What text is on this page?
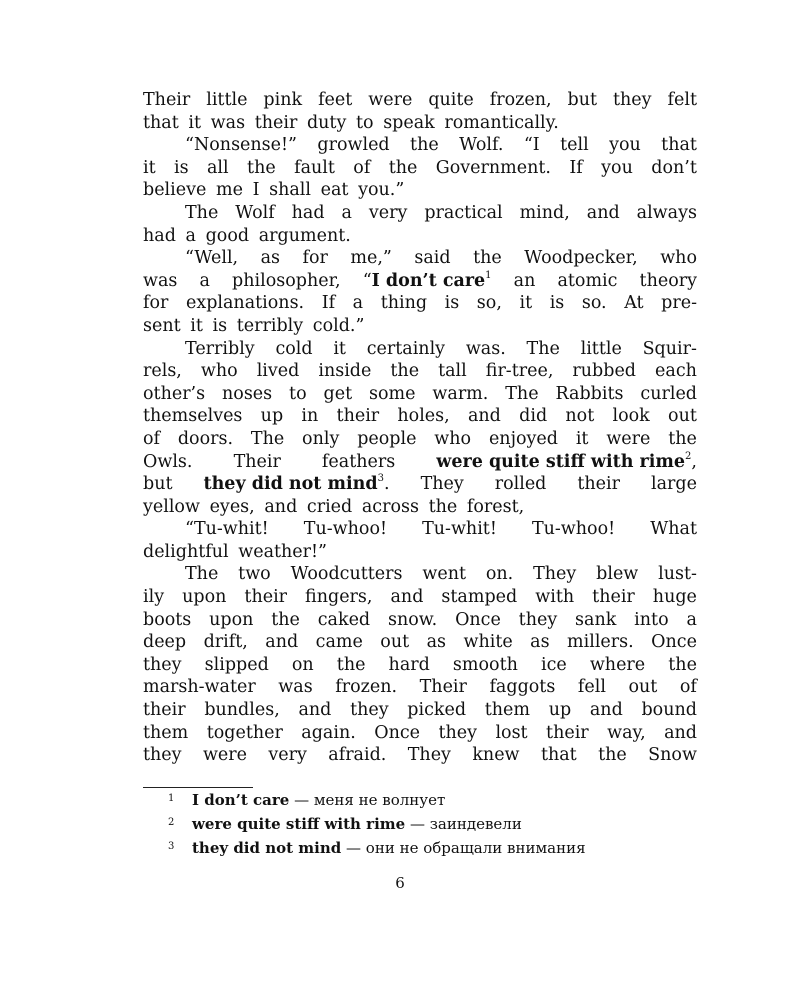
Their little pink feet were quite frozen, but they felt
that it was their duty to speak romantically.
“Nonsense!” growled the Wolf. “I tell you that
it is all the fault of the Government. If you don’t
believe me I shall eat you.”
The Wolf had a very practical mind, and always
had a good argument.
“Well, as for me,” said the Woodpecker, who
was a philosopher, “I don’t care$^1$ an atomic theory
for explanations. If a thing is so, it is so. At pre-
sent it is terribly cold.”
Terribly cold it certainly was. The little Squir-
rels, who lived inside the tall fir-tree, rubbed each
other’s noses to get some warm. The Rabbits curled
themselves up in their holes, and did not look out
of doors. The only people who enjoyed it were the
Owls. Their feathers were quite stiff with rime$^2$,
but they did not mind$^3$. They rolled their large
yellow eyes, and cried across the forest,
“Tu-whit! Tu-whoo! Tu-whit! Tu-whoo! What
delightful weather!”
The two Woodcutters went on. They blew lust-
ily upon their fingers, and stamped with their huge
boots upon the caked snow. Once they sank into a
deep drift, and came out as white as millers. Once
they slipped on the hard smooth ice where the
marsh-water was frozen. Their faggots fell out of
their bundles, and they picked them up and bound
them together again. Once they lost their way, and
they were very afraid. They knew that the Snow
1 I don’t care — меня не волнует
2 were quite stiff with rime — заиндевели
3 they did not mind — они не обращали внимания
6
